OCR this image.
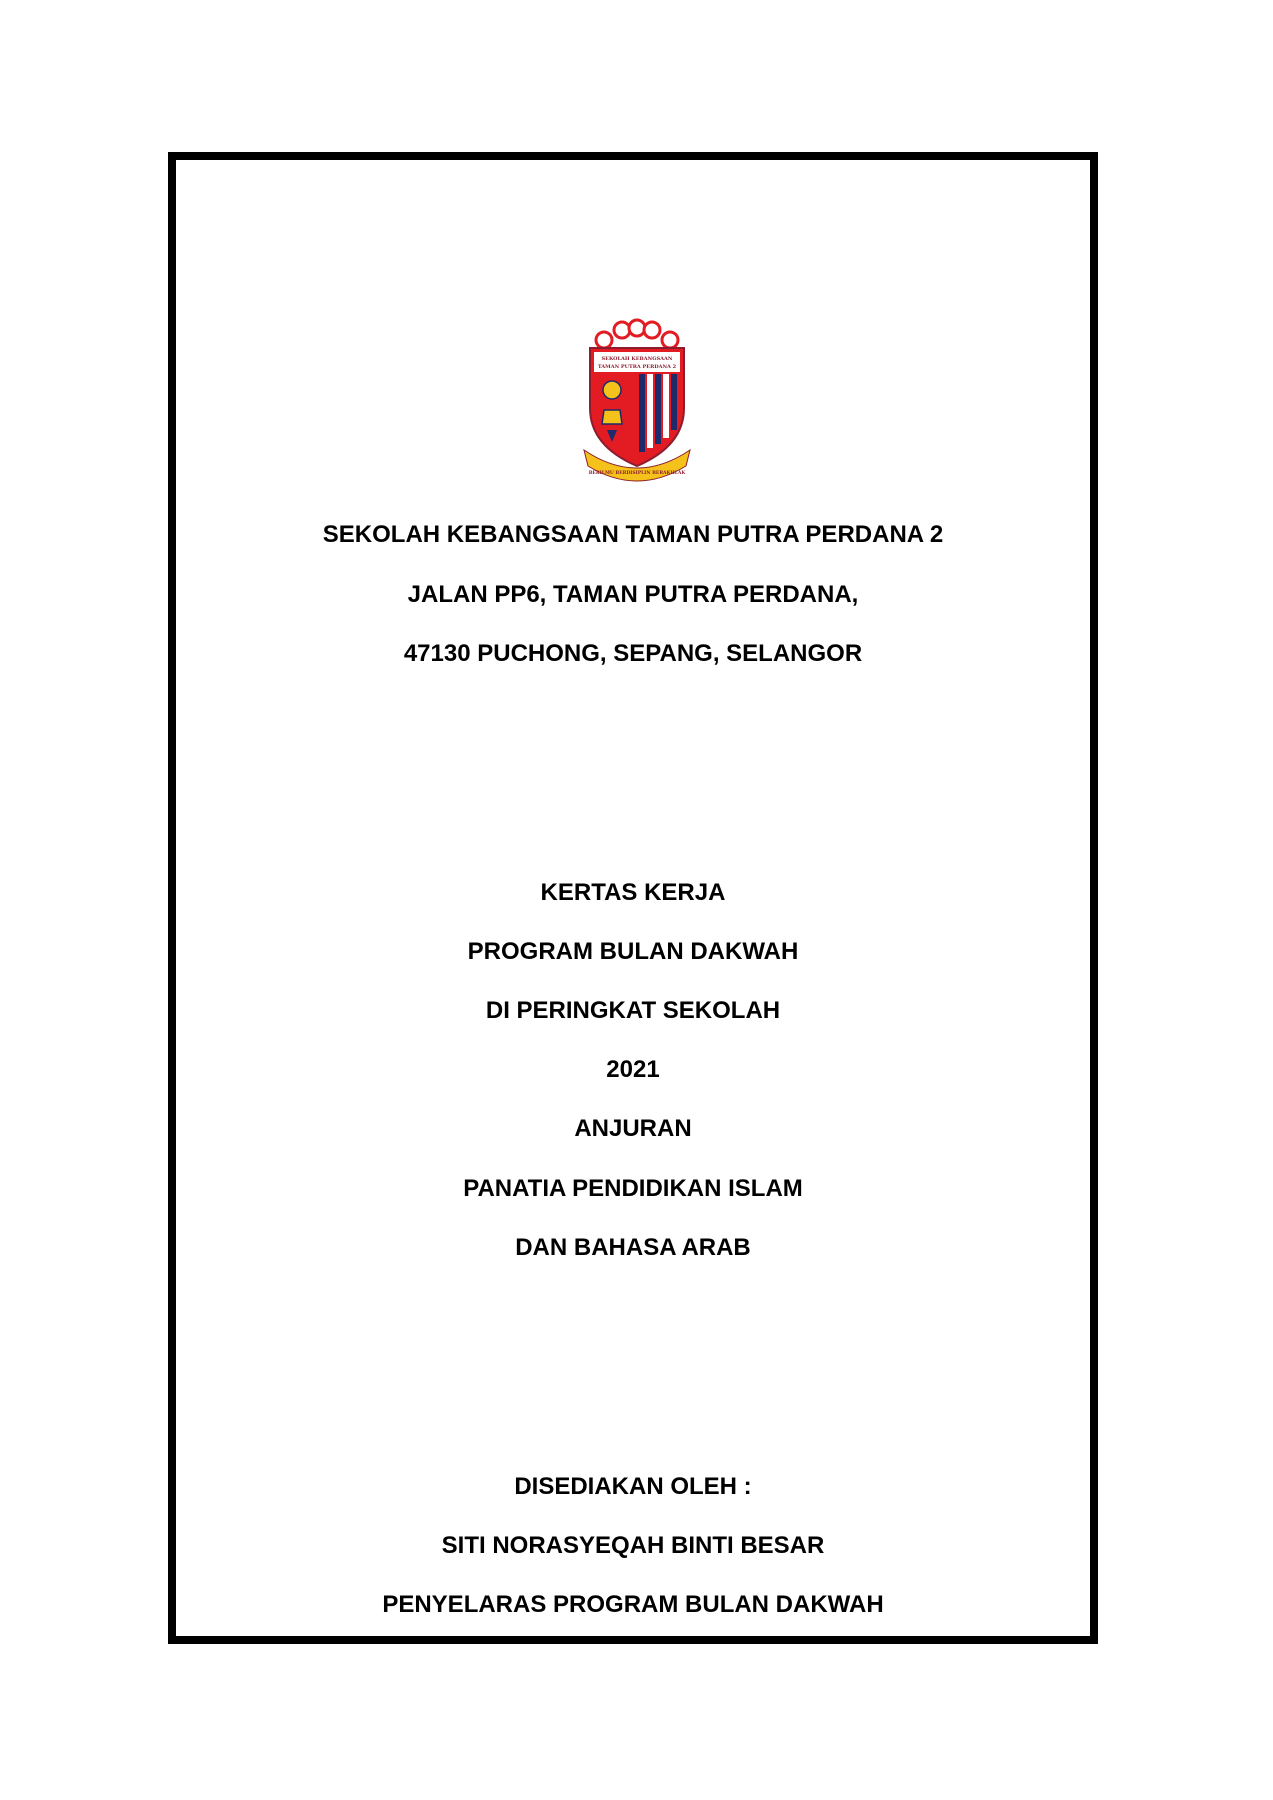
SEKOLAH KEBANGSAAN
TAMAN PUTRA PERDANA 2
BERILMU BERDISIPLIN BERAKHLAK
SEKOLAH KEBANGSAAN TAMAN PUTRA PERDANA 2
JALAN PP6, TAMAN PUTRA PERDANA,
47130 PUCHONG, SEPANG, SELANGOR
KERTAS KERJA
PROGRAM BULAN DAKWAH
DI PERINGKAT SEKOLAH
2021
ANJURAN
PANATIA PENDIDIKAN ISLAM
DAN BAHASA ARAB
DISEDIAKAN OLEH :
SITI NORASYEQAH BINTI BESAR
PENYELARAS PROGRAM BULAN DAKWAH
